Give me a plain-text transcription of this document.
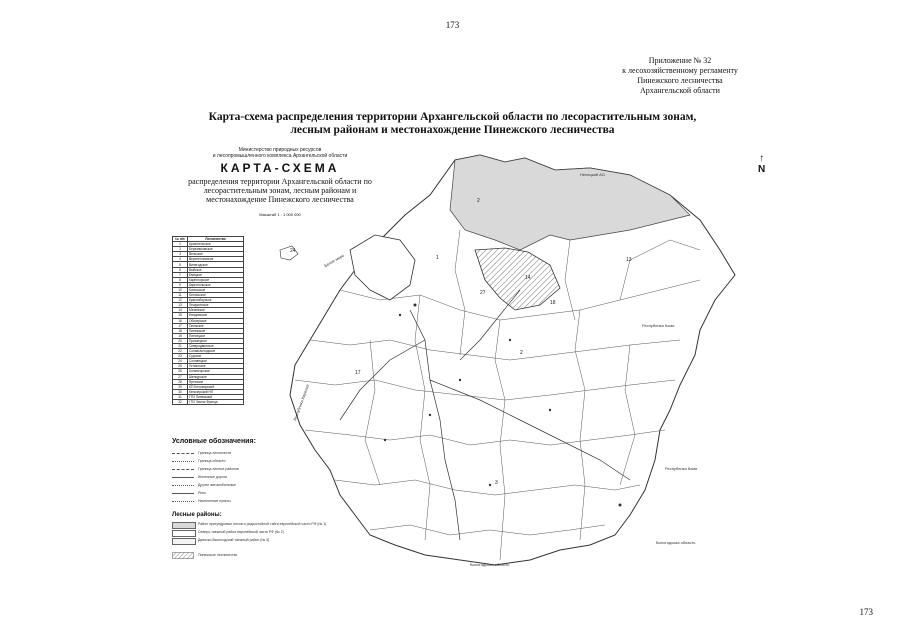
173
Приложение № 32
к лесохозяйственному регламенту
Пинежского лесничества
Архангельской области
Карта-схема распределения территории Архангельской области по лесорастительным зонам,
лесным районам и местонахождение Пинежского лесничества
2
1
2
3
13
14
17
18
27
24
Белое море
Республика Коми
Республика Коми
Вологодская область
Вологодская область
Республика Карелия
Ненецкий АО
Министерство природных ресурсов
и лесопромышленного комплекса Архангельской области
КАРТА-СХЕМА
распределения территории Архангельской области по
лесорастительным зонам, лесным районам и
местонахождение Пинежского лесничества
Масштаб 1 : 1 000 000
↑
N
№ п/п	Лесничество
1	Архангельское
2	Березниковское
3	Вельское
4	Верхнетоемское
5	Вилегодское
6	Выйское
7	Емецкое
8	Карпогорское
9	Каргопольское
10	Коношское
11	Котласское
12	Красноборское
13	Лешуконское
14	Мезенское
15	Няндомское
16	Обозерское
17	Онежское
18	Пинежское
19	Плесецкое
20	Приозерное
21	Северодвинское
22	Сольвычегодское
23	Сурское
24	Соловецкое
25	Устьянское
26	Холмогорское
27	Шенкурское
28	Яренское
29	ЛП Беломорский
30	Кенозерский НП
31	ГПЗ Пинежский
32	ГПЗ Земля Франца
Условные обозначения:
Граница лесничеств
Граница области
Граница лесных районов
Железные дороги
Другие автомобильные
Реки
Населенные пункты
Лесные районы:
Район притундровых лесов и редкостойной тайги европейской части РФ (№ 1)
Северо-таежный район европейской части РФ (№ 2)
Двинско-Вычегодский таежный район (№ 3)
Пинежское лесничество
173
